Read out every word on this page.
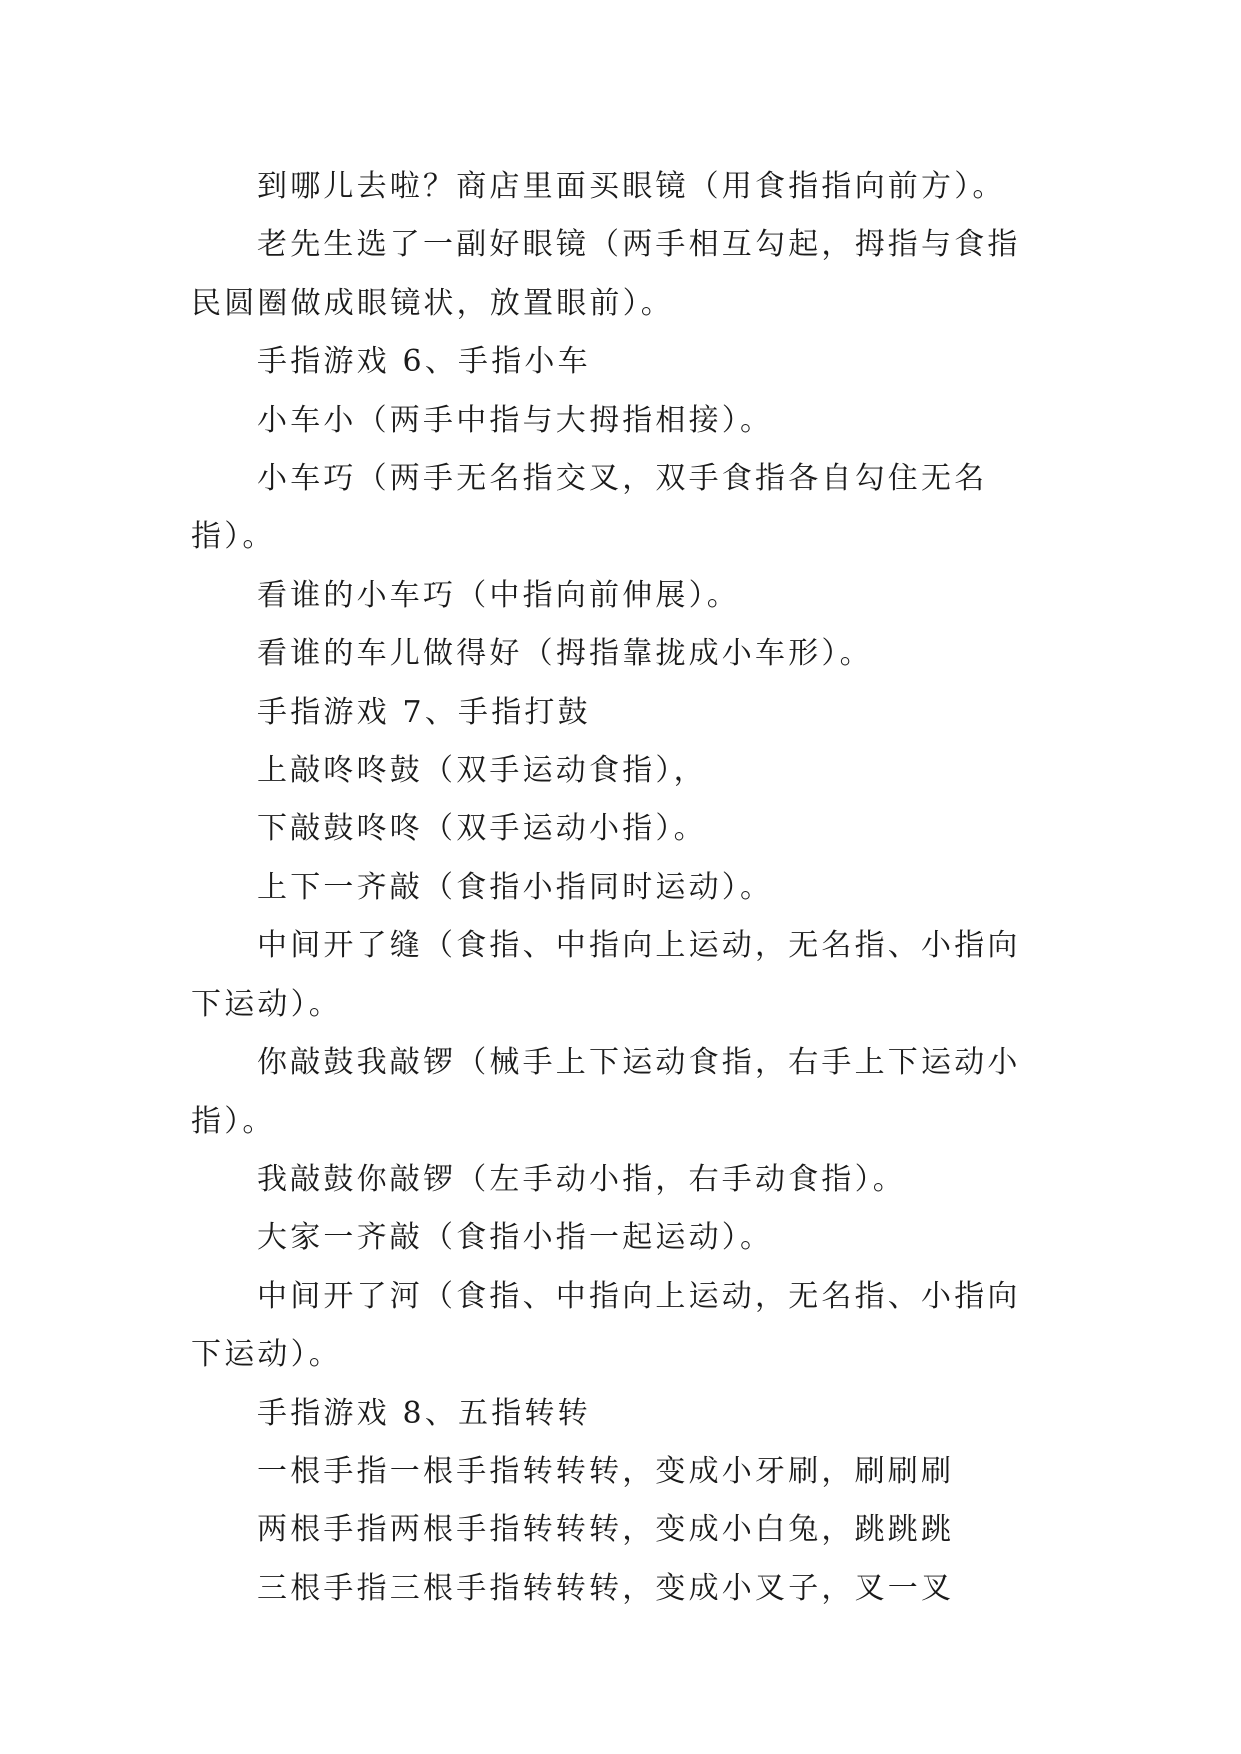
到哪儿去啦？商店里面买眼镜（用食指指向前方）。

老先生选了一副好眼镜（两手相互勾起，拇指与食指民圆圈做成眼镜状，放置眼前）。

手指游戏 6、手指小车

小车小（两手中指与大拇指相接）。

小车巧（两手无名指交叉，双手食指各自勾住无名指）。

看谁的小车巧（中指向前伸展）。

看谁的车儿做得好（拇指靠拢成小车形）。

手指游戏 7、手指打鼓

上敲咚咚鼓（双手运动食指），

下敲鼓咚咚（双手运动小指）。

上下一齐敲（食指小指同时运动）。

中间开了缝（食指、中指向上运动，无名指、小指向下运动）。

你敲鼓我敲锣（械手上下运动食指，右手上下运动小指）。

我敲鼓你敲锣（左手动小指，右手动食指）。

大家一齐敲（食指小指一起运动）。

中间开了河（食指、中指向上运动，无名指、小指向下运动）。

手指游戏 8、五指转转

一根手指一根手指转转转，变成小牙刷，刷刷刷

两根手指两根手指转转转，变成小白兔，跳跳跳

三根手指三根手指转转转，变成小叉子，叉一叉
